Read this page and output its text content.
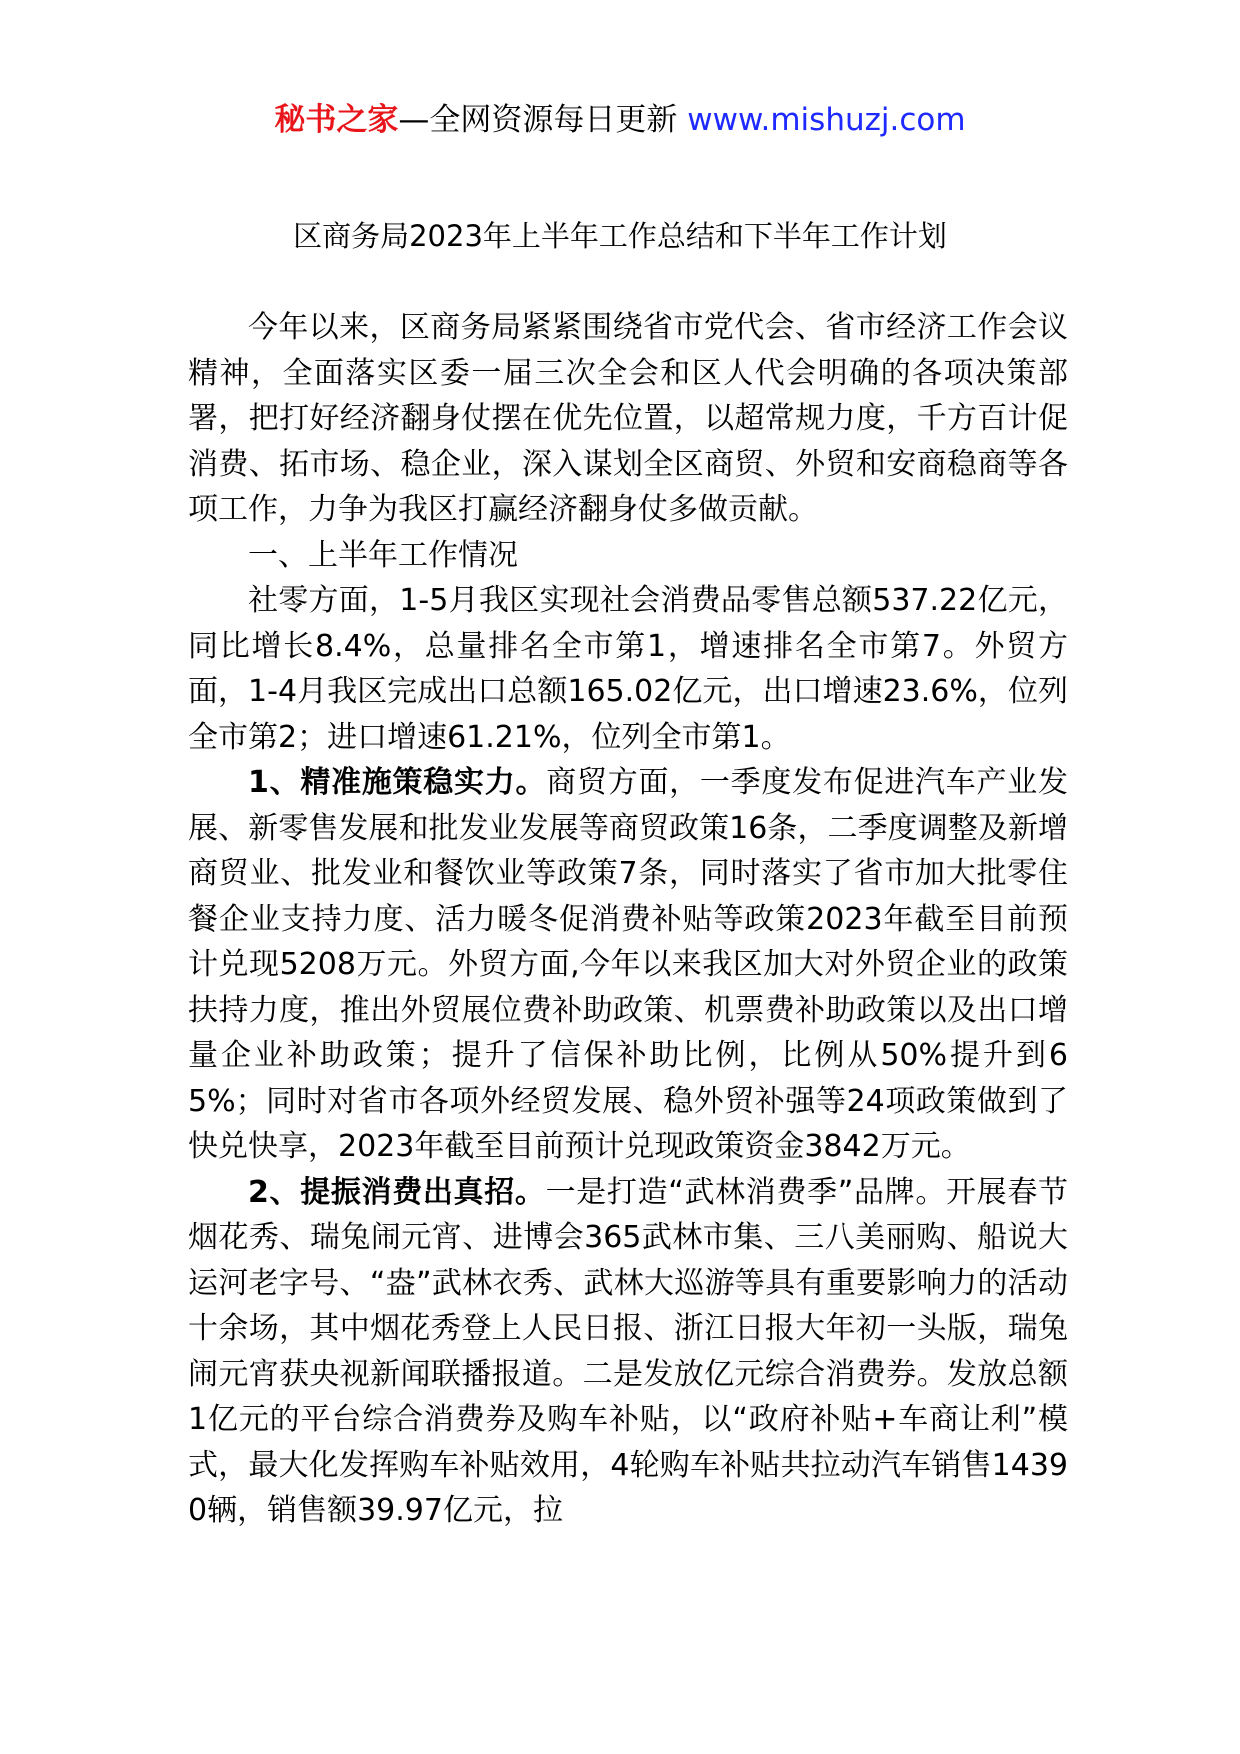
秘书之家—全网资源每日更新 www.mishuzj.com
区商务局2023年上半年工作总结和下半年工作计划

今年以来，区商务局紧紧围绕省市党代会、省市经济工作会议精神，全面落实区委一届三次全会和区人代会明确的各项决策部署，把打好经济翻身仗摆在优先位置，以超常规力度，千方百计促消费、拓市场、稳企业，深入谋划全区商贸、外贸和安商稳商等各项工作，力争为我区打赢经济翻身仗多做贡献。

一、上半年工作情况

社零方面，1-5月我区实现社会消费品零售总额537.22亿元，同比增长8.4%，总量排名全市第1，增速排名全市第7。外贸方面，1-4月我区完成出口总额165.02亿元，出口增速23.6%，位列全市第2；进口增速61.21%，位列全市第1。

1、精准施策稳实力。商贸方面，一季度发布促进汽车产业发展、新零售发展和批发业发展等商贸政策16条，二季度调整及新增商贸业、批发业和餐饮业等政策7条，同时落实了省市加大批零住餐企业支持力度、活力暖冬促消费补贴等政策2023年截至目前预计兑现5208万元。外贸方面,今年以来我区加大对外贸企业的政策扶持力度，推出外贸展位费补助政策、机票费补助政策以及出口增量企业补助政策；提升了信保补助比例，比例从50%提升到65%；同时对省市各项外经贸发展、稳外贸补强等24项政策做到了快兑快享，2023年截至目前预计兑现政策资金3842万元。

2、提振消费出真招。一是打造“武林消费季”品牌。开展春节烟花秀、瑞兔闹元宵、进博会365武林市集、三八美丽购、船说大运河老字号、“盎”武林衣秀、武林大巡游等具有重要影响力的活动十余场，其中烟花秀登上人民日报、浙江日报大年初一头版，瑞兔闹元宵获央视新闻联播报道。二是发放亿元综合消费券。发放总额1亿元的平台综合消费券及购车补贴，以“政府补贴+车商让利”模式，最大化发挥购车补贴效用，4轮购车补贴共拉动汽车销售14390辆，销售额39.97亿元，拉
